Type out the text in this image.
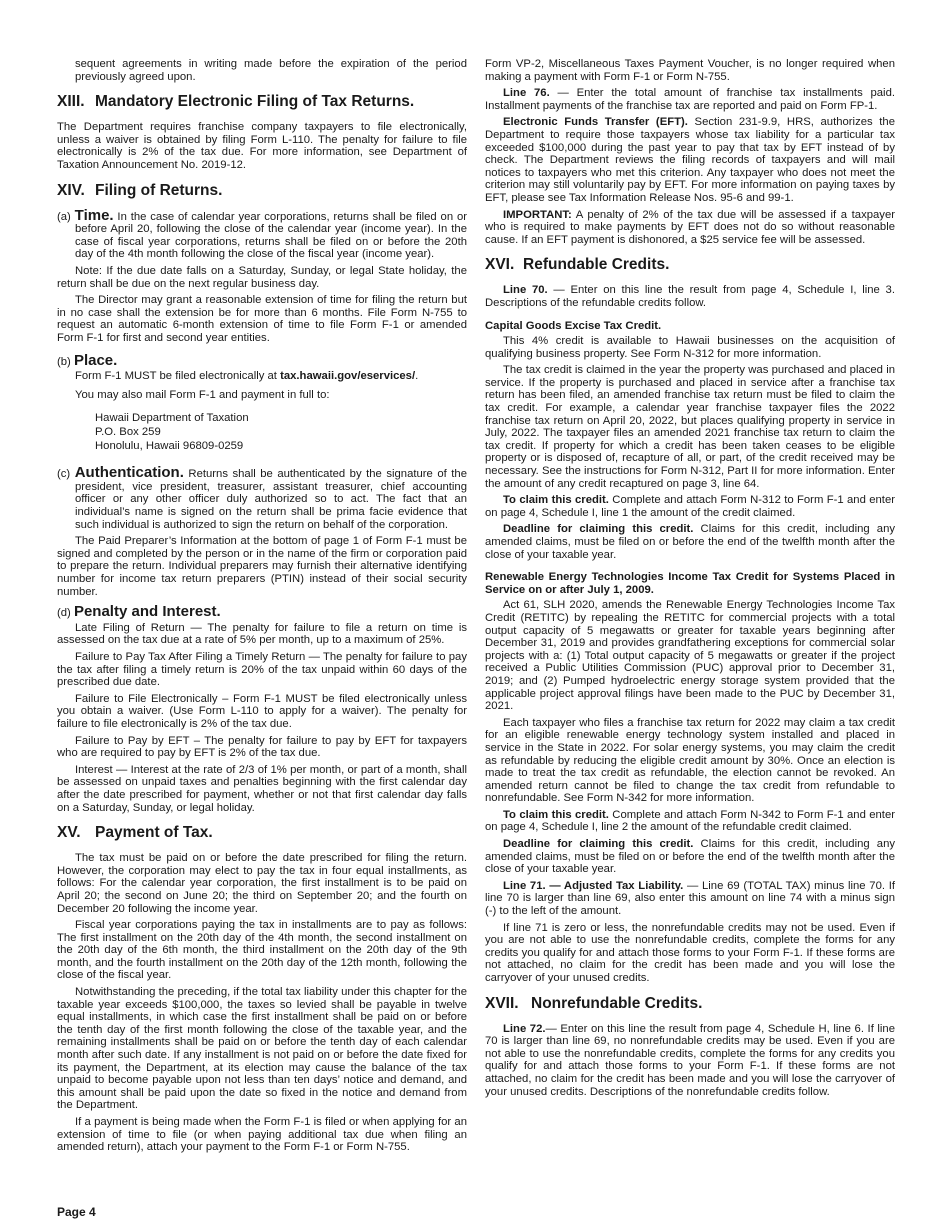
sequent agreements in writing made before the expiration of the period previously agreed upon.

XIII. Mandatory Electronic Filing of Tax Returns.

The Department requires franchise company taxpayers to file electronically, unless a waiver is obtained by filing Form L-110. The penalty for failure to file electronically is 2% of the tax due. For more information, see Department of Taxation Announcement No. 2019-12.

XIV. Filing of Returns.

(a) Time. In the case of calendar year corporations, returns shall be filed on or before April 20, following the close of the calendar year (income year). In the case of fiscal year corporations, returns shall be filed on or before the 20th day of the 4th month following the close of the fiscal year (income year).

Note: If the due date falls on a Saturday, Sunday, or legal State holiday, the return shall be due on the next regular business day.

The Director may grant a reasonable extension of time for filing the return but in no case shall the extension be for more than 6 months. File Form N-755 to request an automatic 6-month extension of time to file Form F-1 or amended Form F-1 for first and second year entities.

(b) Place.

Form F-1 MUST be filed electronically at tax.hawaii.gov/eservices/.

You may also mail Form F-1 and payment in full to:

Hawaii Department of Taxation
P.O. Box 259
Honolulu, Hawaii 96809-0259

(c) Authentication. Returns shall be authenticated by the signature of the president, vice president, treasurer, assistant treasurer, chief accounting officer or any other officer duly authorized so to act. The fact that an individual’s name is signed on the return shall be prima facie evidence that such individual is authorized to sign the return on behalf of the corporation.

The Paid Preparer’s Information at the bottom of page 1 of Form F-1 must be signed and completed by the person or in the name of the firm or corporation paid to prepare the return. Individual preparers may furnish their alternative identifying number for income tax return preparers (PTIN) instead of their social security number.

(d) Penalty and Interest.

Late Filing of Return — The penalty for failure to file a return on time is assessed on the tax due at a rate of 5% per month, up to a maximum of 25%.

Failure to Pay Tax After Filing a Timely Return — The penalty for failure to pay the tax after filing a timely return is 20% of the tax unpaid within 60 days of the prescribed due date.

Failure to File Electronically – Form F-1 MUST be filed electronically unless you obtain a waiver. (Use Form L-110 to apply for a waiver). The penalty for failure to file electronically is 2% of the tax due.

Failure to Pay by EFT – The penalty for failure to pay by EFT for taxpayers who are required to pay by EFT is 2% of the tax due.

Interest — Interest at the rate of 2/3 of 1% per month, or part of a month, shall be assessed on unpaid taxes and penalties beginning with the first calendar day after the date prescribed for payment, whether or not that first calendar day falls on a Saturday, Sunday, or legal holiday.

XV. Payment of Tax.

The tax must be paid on or before the date prescribed for filing the return. However, the corporation may elect to pay the tax in four equal installments, as follows: For the calendar year corporation, the first installment is to be paid on April 20; the second on June 20; the third on September 20; and the fourth on December 20 following the income year.

Fiscal year corporations paying the tax in installments are to pay as follows: The first installment on the 20th day of the 4th month, the second installment on the 20th day of the 6th month, the third installment on the 20th day of the 9th month, and the fourth installment on the 20th day of the 12th month, following the close of the fiscal year.

Notwithstanding the preceding, if the total tax liability under this chapter for the taxable year exceeds $100,000, the taxes so levied shall be payable in twelve equal installments, in which case the first installment shall be paid on or before the tenth day of the first month following the close of the taxable year, and the remaining installments shall be paid on or before the tenth day of each calendar month after such date. If any installment is not paid on or before the date fixed for its payment, the Department, at its election may cause the balance of the tax unpaid to become payable upon not less than ten days’ notice and demand, and this amount shall be paid upon the date so fixed in the notice and demand from the Department.

If a payment is being made when the Form F-1 is filed or when applying for an extension of time to file (or when paying additional tax due when filing an amended return), attach your payment to the Form F-1 or Form N-755.

Form VP-2, Miscellaneous Taxes Payment Voucher, is no longer required when making a payment with Form F-1 or Form N-755.

Line 76. — Enter the total amount of franchise tax installments paid. Installment payments of the franchise tax are reported and paid on Form FP-1.

Electronic Funds Transfer (EFT). Section 231-9.9, HRS, authorizes the Department to require those taxpayers whose tax liability for a particular tax exceeded $100,000 during the past year to pay that tax by EFT instead of by check. The Department reviews the filing records of taxpayers and will mail notices to taxpayers who met this criterion. Any taxpayer who does not meet the criterion may still voluntarily pay by EFT. For more information on paying taxes by EFT, please see Tax Information Release Nos. 95-6 and 99-1.

IMPORTANT: A penalty of 2% of the tax due will be assessed if a taxpayer who is required to make payments by EFT does not do so without reasonable cause. If an EFT payment is dishonored, a $25 service fee will be assessed.

XVI. Refundable Credits.

Line 70. — Enter on this line the result from page 4, Schedule I, line 3. Descriptions of the refundable credits follow.

Capital Goods Excise Tax Credit.

This 4% credit is available to Hawaii businesses on the acquisition of qualifying business property. See Form N-312 for more information.

The tax credit is claimed in the year the property was purchased and placed in service. If the property is purchased and placed in service after a franchise tax return has been filed, an amended franchise tax return must be filed to claim the tax credit. For example, a calendar year franchise taxpayer files the 2022 franchise tax return on April 20, 2022, but places qualifying property in service in July, 2022. The taxpayer files an amended 2021 franchise tax return to claim the tax credit. If property for which a credit has been taken ceases to be eligible property or is disposed of, recapture of all, or part, of the credit received may be necessary. See the instructions for Form N-312, Part II for more information. Enter the amount of any credit recaptured on page 3, line 64.

To claim this credit. Complete and attach Form N-312 to Form F-1 and enter on page 4, Schedule I, line 1 the amount of the credit claimed.

Deadline for claiming this credit. Claims for this credit, including any amended claims, must be filed on or before the end of the twelfth month after the close of your taxable year.

Renewable Energy Technologies Income Tax Credit for Systems Placed in Service on or after July 1, 2009.

Act 61, SLH 2020, amends the Renewable Energy Technologies Income Tax Credit (RETITC) by repealing the RETITC for commercial projects with a total output capacity of 5 megawatts or greater for taxable years beginning after December 31, 2019 and provides grandfathering exceptions for commercial solar projects with a: (1) Total output capacity of 5 megawatts or greater if the project received a Public Utilities Commission (PUC) approval prior to December 31, 2019; and (2) Pumped hydroelectric energy storage system provided that the applicable project approval filings have been made to the PUC by December 31, 2021.

Each taxpayer who files a franchise tax return for 2022 may claim a tax credit for an eligible renewable energy technology system installed and placed in service in the State in 2022. For solar energy systems, you may claim the credit as refundable by reducing the eligible credit amount by 30%. Once an election is made to treat the tax credit as refundable, the election cannot be revoked. An amended return cannot be filed to change the tax credit from refundable to nonrefundable. See Form N-342 for more information.

To claim this credit. Complete and attach Form N-342 to Form F-1 and enter on page 4, Schedule I, line 2 the amount of the refundable credit claimed.

Deadline for claiming this credit. Claims for this credit, including any amended claims, must be filed on or before the end of the twelfth month after the close of your taxable year.

Line 71. — Adjusted Tax Liability. — Line 69 (TOTAL TAX) minus line 70. If line 70 is larger than line 69, also enter this amount on line 74 with a minus sign (-) to the left of the amount.

If line 71 is zero or less, the nonrefundable credits may not be used. Even if you are not able to use the nonrefundable credits, complete the forms for any credits you qualify for and attach those forms to your Form F-1. If these forms are not attached, no claim for the credit has been made and you will lose the carryover of your unused credits.

XVII. Nonrefundable Credits.

Line 72.— Enter on this line the result from page 4, Schedule H, line 6. If line 70 is larger than line 69, no nonrefundable credits may be used. Even if you are not able to use the nonrefundable credits, complete the forms for any credits you qualify for and attach those forms to your Form F-1. If these forms are not attached, no claim for the credit has been made and you will lose the carryover of your unused credits. Descriptions of the nonrefundable credits follow.

Page 4
